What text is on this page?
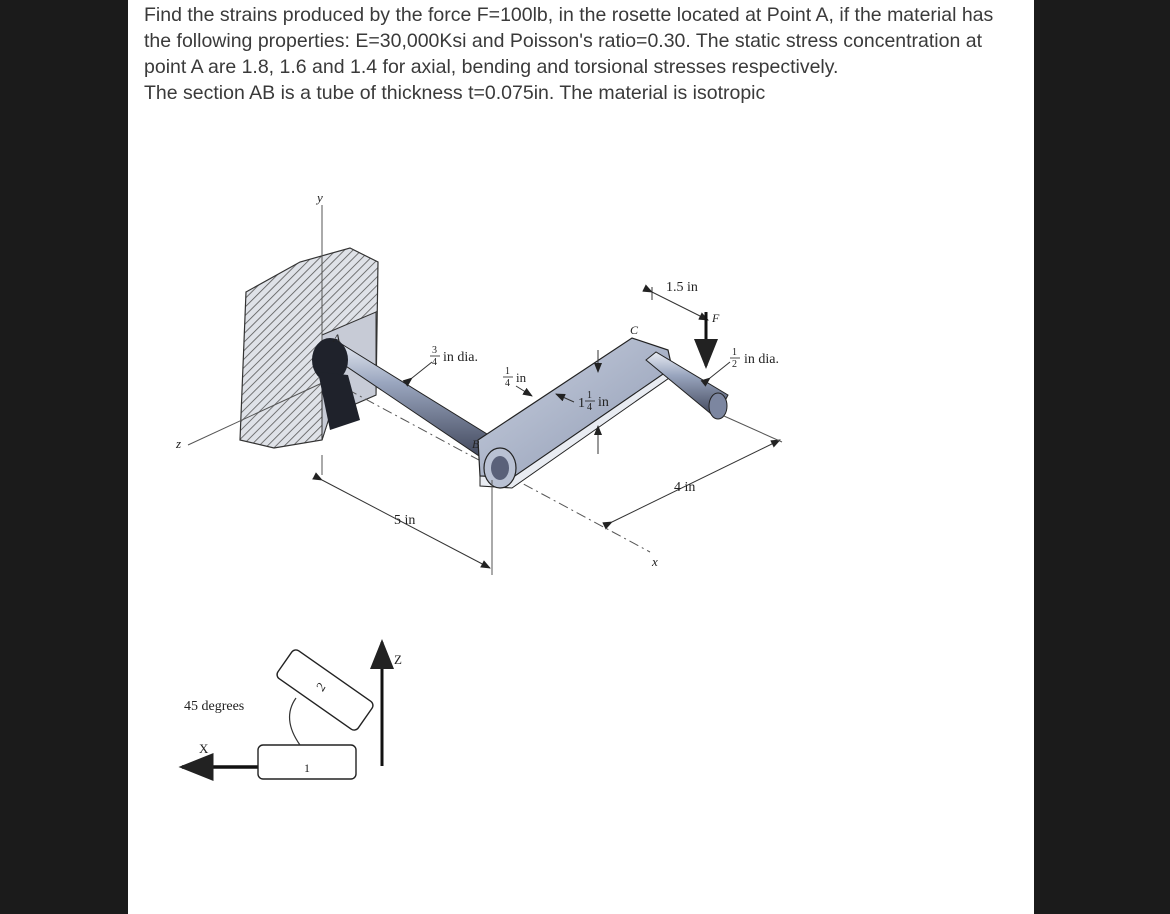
Find the strains produced by the force F=100lb, in the rosette located at Point A, if the material has the following properties: E=30,000Ksi and Poisson's ratio=0.30. The static stress concentration at point A are 1.8, 1.6 and 1.4 for axial, bending and torsional stresses respectively.

The section AB is a tube of thickness t=0.075in. The material is isotropic

y
z
x
A
B
C
5 in
4 in
1.5 in
F
3
4 in dia.
1
4 in
1
1
4 in
1
2 in dia.
Z
X
1
2
45 degrees
